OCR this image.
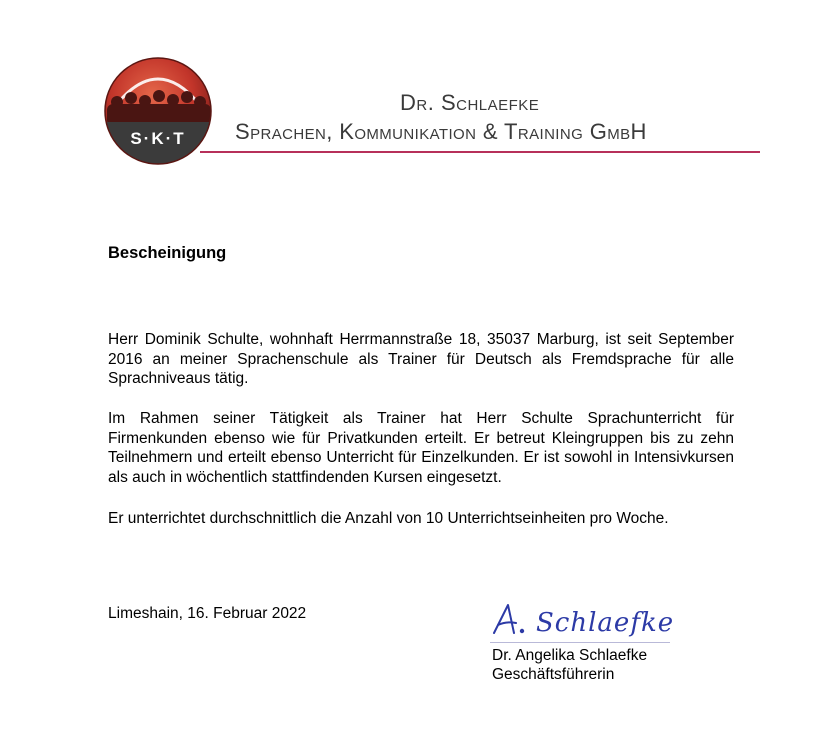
S·K·T
Dr. Schlaefke
Sprachen, Kommunikation & Training GmbH
Bescheinigung

Herr Dominik Schulte, wohnhaft Herrmannstraße 18, 35037 Marburg, ist seit September 2016 an meiner Sprachenschule als Trainer für Deutsch als Fremdsprache für alle Sprachniveaus tätig.

Im Rahmen seiner Tätigkeit als Trainer hat Herr Schulte Sprachunterricht für Firmenkunden ebenso wie für Privatkunden erteilt. Er betreut Kleingruppen bis zu zehn Teilnehmern und erteilt ebenso Unterricht für Einzelkunden. Er ist sowohl in Intensivkursen als auch in wöchentlich stattfindenden Kursen eingesetzt.

Er unterrichtet durchschnittlich die Anzahl von 10 Unterrichtseinheiten pro Woche.

Limeshain, 16. Februar 2022	Schlaefke

Dr. Angelika Schlaefke

Geschäftsführerin
